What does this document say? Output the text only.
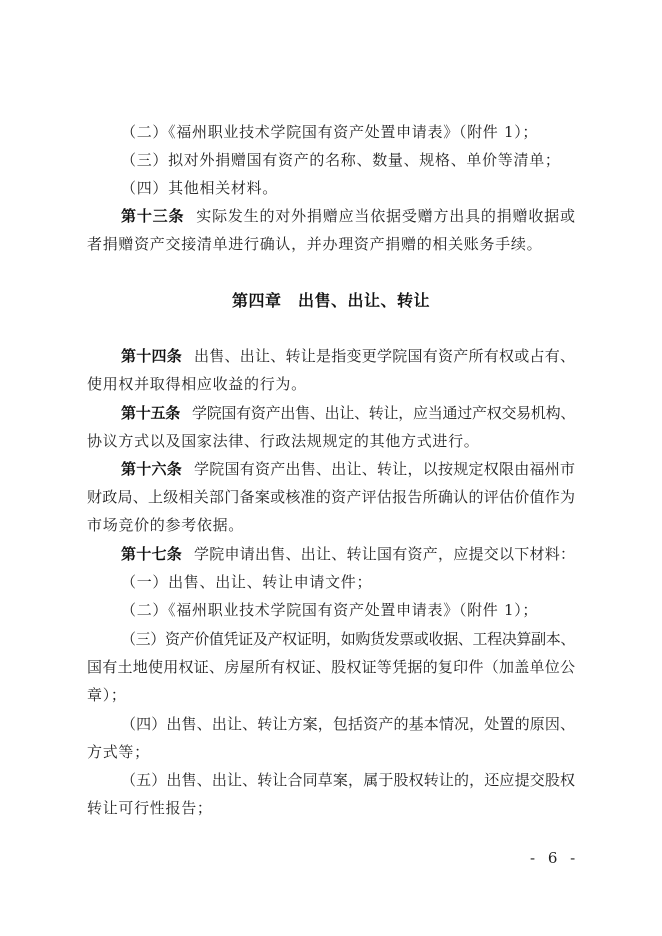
（二）《福州职业技术学院国有资产处置申请表》（附件 1）；
（三）拟对外捐赠国有资产的名称、数量、规格、单价等清单；
（四）其他相关材料。
第十三条 实际发生的对外捐赠应当依据受赠方出具的捐赠收据或
者捐赠资产交接清单进行确认，并办理资产捐赠的相关账务手续。
第四章　出售、出让、转让
第十四条 出售、出让、转让是指变更学院国有资产所有权或占有、
使用权并取得相应收益的行为。
第十五条 学院国有资产出售、出让、转让，应当通过产权交易机构、
协议方式以及国家法律、行政法规规定的其他方式进行。
第十六条 学院国有资产出售、出让、转让，以按规定权限由福州市
财政局、上级相关部门备案或核准的资产评估报告所确认的评估价值作为
市场竞价的参考依据。
第十七条 学院申请出售、出让、转让国有资产，应提交以下材料：
（一）出售、出让、转让申请文件；
（二）《福州职业技术学院国有资产处置申请表》（附件 1）；
（三）资产价值凭证及产权证明，如购货发票或收据、工程决算副本、
国有土地使用权证、房屋所有权证、股权证等凭据的复印件（加盖单位公
章）；
（四）出售、出让、转让方案，包括资产的基本情况，处置的原因、
方式等；
（五）出售、出让、转让合同草案，属于股权转让的，还应提交股权
转让可行性报告；
- 6 -
